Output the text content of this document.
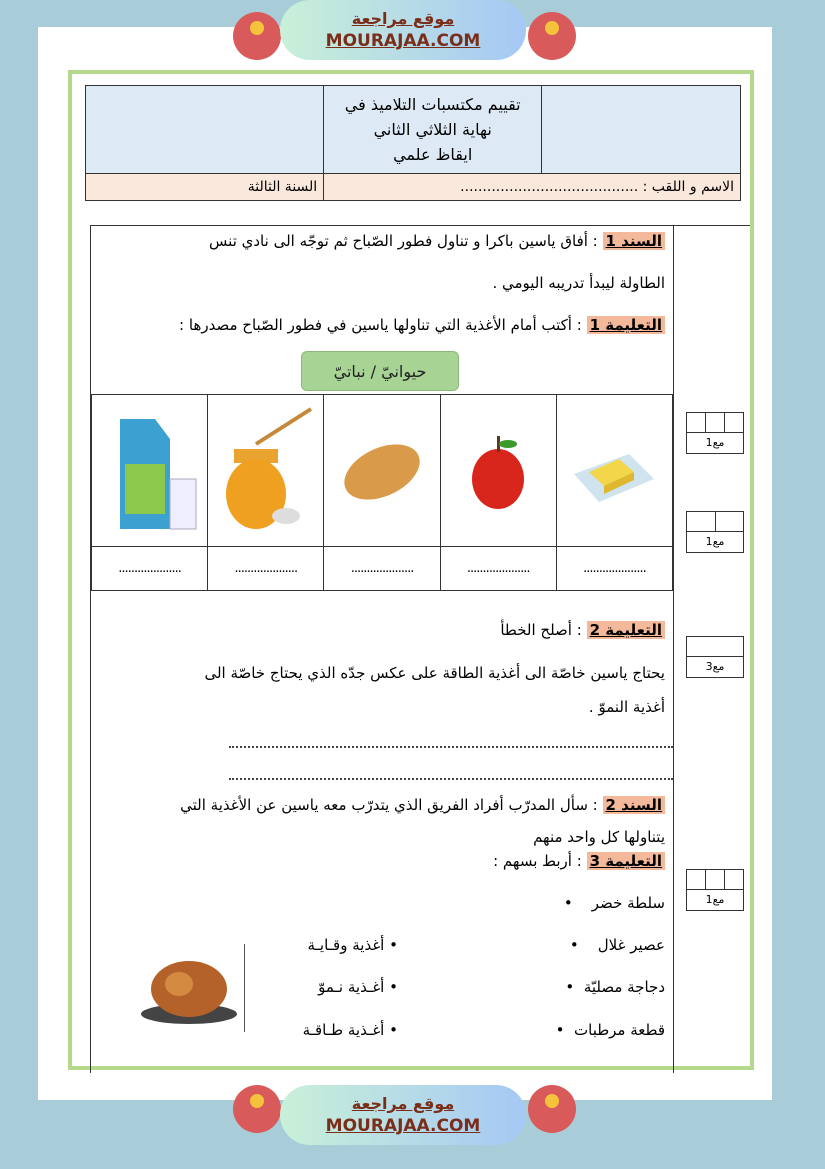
موقع مراجعة
MOURAJAA.COM

	تقييم مكتسبات التلاميذ في
نهاية الثلاثي الثاني
ايقاظ علمي	

السنة الثالثة	الاسم و اللقب : ........................................	
السند 1 : أفاق ياسين باكرا و تناول فطور الصّباح ثم توجّه الى نادي تنس
الطاولة ليبدأ تدريبه اليومي .
التعليمة 1 : أكتب أمام الأغذية التي تناولها ياسين في فطور الصّباح مصدرها :
حيوانيّ / نباتيّ

....................	....................	....................	....................	....................
التعليمة 2 : أصلح الخطأ
يحتاج ياسين خاصّة الى أغذية الطاقة على عكس جدّه الذي يحتاج خاصّة الى
أغذية النموّ .
السند 2 : سأل المدرّب أفراد الفريق الذي يتدرّب معه ياسين عن الأغذية التي
يتناولها كل واحد منهم
التعليمة 3 : أربط بسهم :
سلطة خضر    •
عصير غلال    •
دجاجة مصليّة  •
قطعة مرطبات  •
• أغذية وقـايـة
• أغـذية نـموّ
• أغـذية طـاقـة
مع1
مع1
مع3
مع1
موقع مراجعة
MOURAJAA.COM
